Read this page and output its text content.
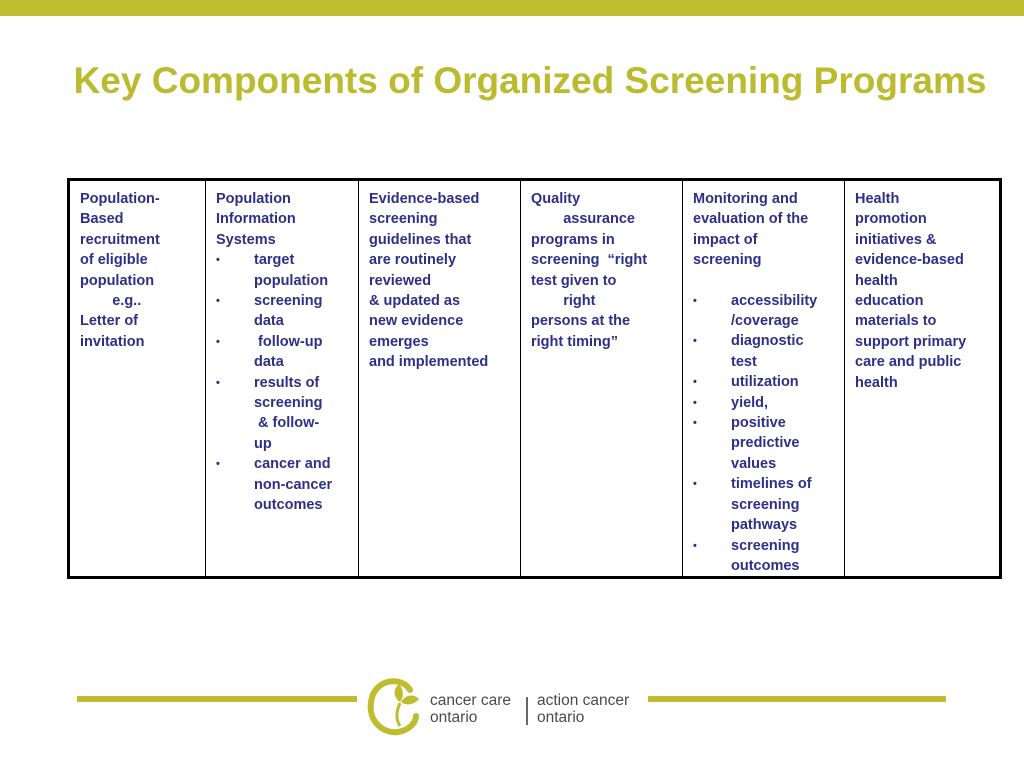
Key Components of Organized Screening Programs
Population-
Based
recruitment
of eligible
population
e.g..
Letter of
invitation

Population
Information
Systems
•	target
population
•	screening
data
•	follow-up
data
•	results of
screening
& follow-
up
•	cancer and
non-cancer
outcomes

Evidence-based
screening
guidelines that
are routinely
reviewed
& updated as
new evidence
emerges
and implemented

Quality
assurance
programs in
screening  “right
test given to
right
persons at the
right timing”

Monitoring and
evaluation of the
impact of
screening
•	accessibility
/coverage
•	diagnostic
test
•	utilization
•	yield,
•	positive
predictive
values
•	timelines of
screening
pathways
•	screening
outcomes

Health
promotion
initiatives &
evidence-based
health
education
materials to
support primary
care and public
health
cancer care
ontario
action cancer
ontario
